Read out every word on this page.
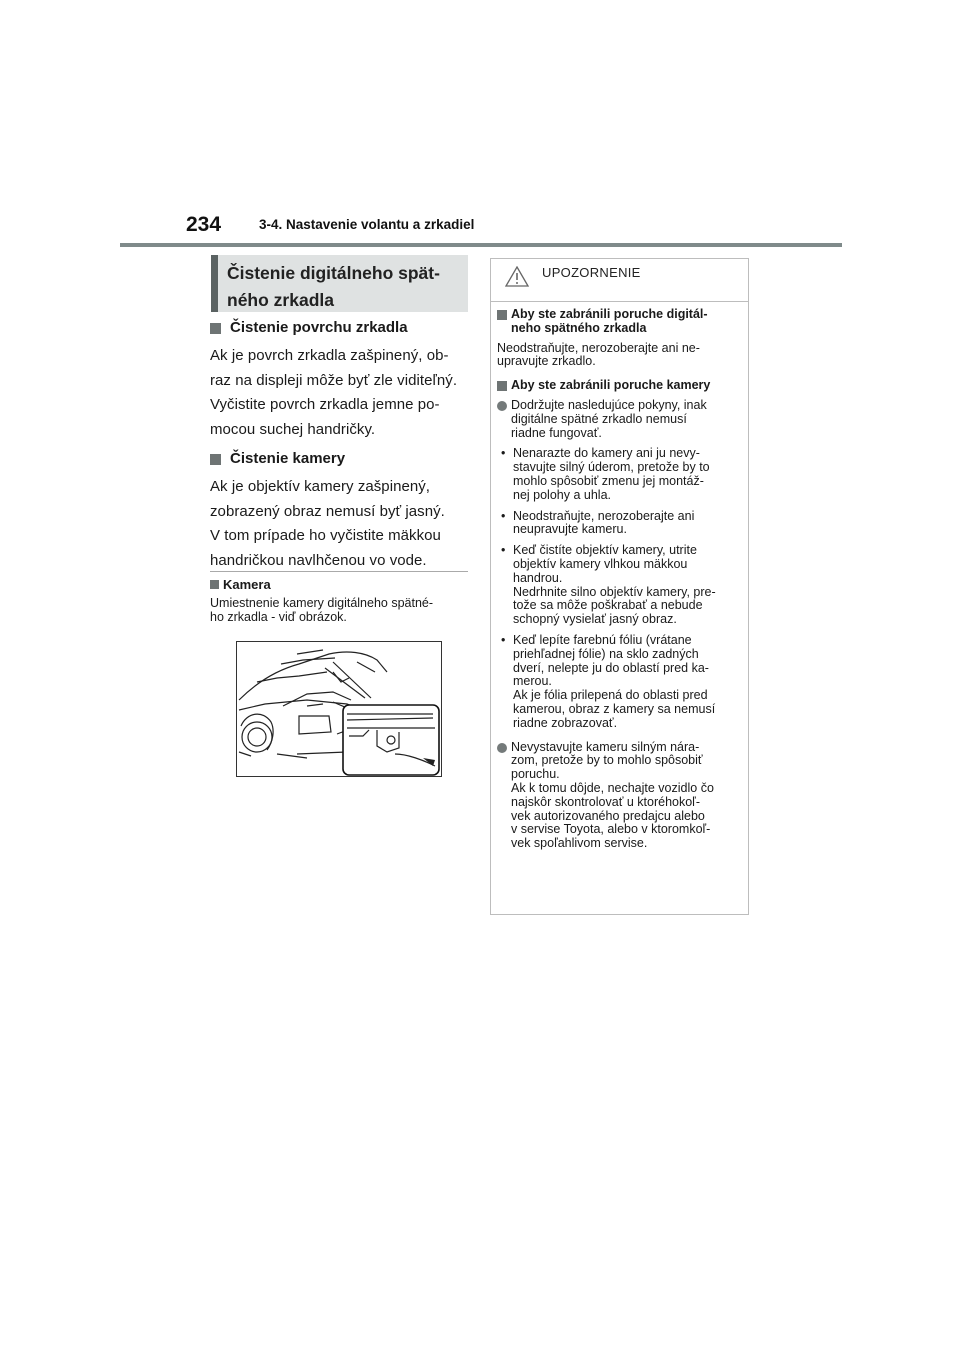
234	3-4. Nastavenie volantu a zrkadiel
Čistenie digitálneho spät-
ného zrkadla
Čistenie povrchu zrkadla

Ak je povrch zrkadla zašpinený, ob-
raz na displeji môže byť zle viditeľný.
Vyčistite povrch zrkadla jemne po-
mocou suchej handričky.

Čistenie kamery

Ak je objektív kamery zašpinený,
zobrazený obraz nemusí byť jasný.
V tom prípade ho vyčistite mäkkou
handričkou navlhčenou vo vode.

Kamera
Umiestnenie kamery digitálneho spätné-
ho zrkadla - viď obrázok.
UPOZORNENIE
Aby ste zabránili poruche digitál-
neho spätného zrkadla

Neodstraňujte, nerozoberajte ani ne-
upravujte zrkadlo.

Aby ste zabránili poruche kamery
Dodržujte nasledujúce pokyny, inak
digitálne spätné zrkadlo nemusí
riadne fungovať.
• Nenarazte do kamery ani ju nevy-
stavujte silný úderom, pretože by to
mohlo spôsobiť zmenu jej montáž-
nej polohy a uhla.
• Neodstraňujte, nerozoberajte ani
neupravujte kameru.
• Keď čistíte objektív kamery, utrite
objektív kamery vlhkou mäkkou
handrou.
Nedrhnite silno objektív kamery, pre-
tože sa môže poškrabať a nebude
schopný vysielať jasný obraz.
• Keď lepíte farebnú fóliu (vrátane
priehľadnej fólie) na sklo zadných
dverí, nelepte ju do oblastí pred ka-
merou.
Ak je fólia prilepená do oblasti pred
kamerou, obraz z kamery sa nemusí
riadne zobrazovať.
Nevystavujte kameru silným nára-
zom, pretože by to mohlo spôsobiť
poruchu.
Ak k tomu dôjde, nechajte vozidlo čo
najskôr skontrolovať u ktoréhokoľ-
vek autorizovaného predajcu alebo
v servise Toyota, alebo v ktoromkoľ-
vek spoľahlivom servise.
